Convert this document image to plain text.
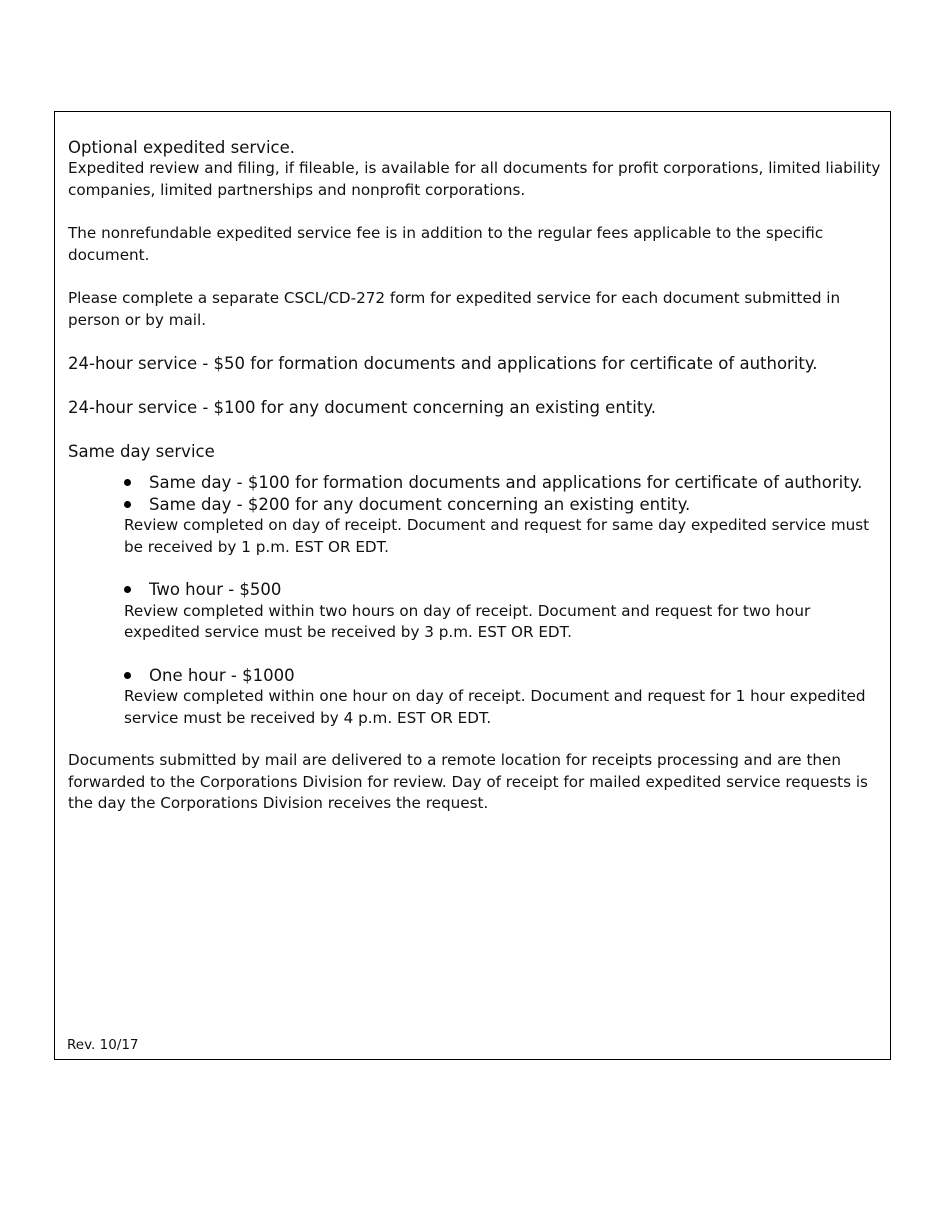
Optional expedited service.

Expedited review and filing, if fileable, is available for all documents for profit corporations, limited liability companies, limited partnerships and nonprofit corporations.

The nonrefundable expedited service fee is in addition to the regular fees applicable to the specific document.

Please complete a separate CSCL/CD-272 form for expedited service for each document submitted in person or by mail.

24-hour service - $50 for formation documents and applications for certificate of authority.

24-hour service - $100 for any document concerning an existing entity.

Same day service

Same day - $100 for formation documents and applications for certificate of authority.
Same day - $200 for any document concerning an existing entity.

Review completed on day of receipt. Document and request for same day expedited service must be received by 1 p.m. EST OR EDT.

Two hour - $500

Review completed within two hours on day of receipt. Document and request for two hour expedited service must be received by 3 p.m. EST OR EDT.

One hour - $1000

Review completed within one hour on day of receipt. Document and request for 1 hour expedited service must be received by 4 p.m. EST OR EDT.

Documents submitted by mail are delivered to a remote location for receipts processing and are then forwarded to the Corporations Division for review. Day of receipt for mailed expedited service requests is the day the Corporations Division receives the request.

Rev. 10/17
